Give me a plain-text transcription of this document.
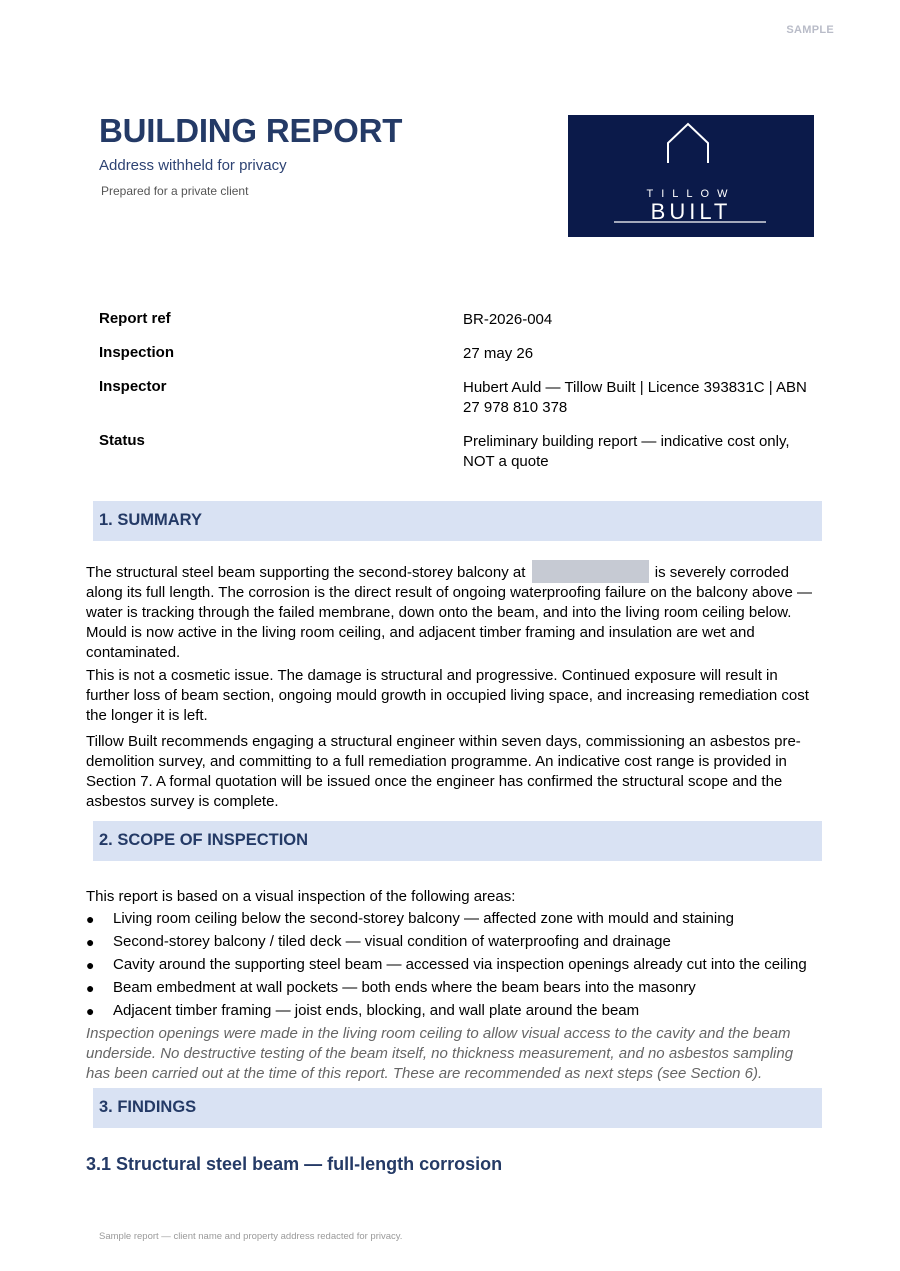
SAMPLE
BUILDING REPORT
Address withheld for privacy
Prepared for a private client	TILLOW
BUILT
Report ref	BR-2026-004
Inspection	27 may 26
Inspector	Hubert Auld — Tillow Built | Licence 393831C | ABN 27 978 810 378
Status	Preliminary building report — indicative cost only, NOT a quote
1. SUMMARY
The structural steel beam supporting the second-storey balcony at	is severely corroded along its full length. The corrosion is the direct result of ongoing waterproofing failure on the balcony above — water is tracking through the failed membrane, down onto the beam, and into the living room ceiling below. Mould is now active in the living room ceiling, and adjacent timber framing and insulation are wet and contaminated.
This is not a cosmetic issue. The damage is structural and progressive. Continued exposure will result in further loss of beam section, ongoing mould growth in occupied living space, and increasing remediation cost the longer it is left.
Tillow Built recommends engaging a structural engineer within seven days, commissioning an asbestos pre-demolition survey, and committing to a full remediation programme. An indicative cost range is provided in Section 7. A formal quotation will be issued once the engineer has confirmed the structural scope and the asbestos survey is complete.
2. SCOPE OF INSPECTION
This report is based on a visual inspection of the following areas:
● Living room ceiling below the second-storey balcony — affected zone with mould and staining
● Second-storey balcony / tiled deck — visual condition of waterproofing and drainage
● Cavity around the supporting steel beam — accessed via inspection openings already cut into the ceiling
● Beam embedment at wall pockets — both ends where the beam bears into the masonry
● Adjacent timber framing — joist ends, blocking, and wall plate around the beam
Inspection openings were made in the living room ceiling to allow visual access to the cavity and the beam underside. No destructive testing of the beam itself, no thickness measurement, and no asbestos sampling has been carried out at the time of this report. These are recommended as next steps (see Section 6).
3. FINDINGS
3.1 Structural steel beam — full-length corrosion
Sample report — client name and property address redacted for privacy.
